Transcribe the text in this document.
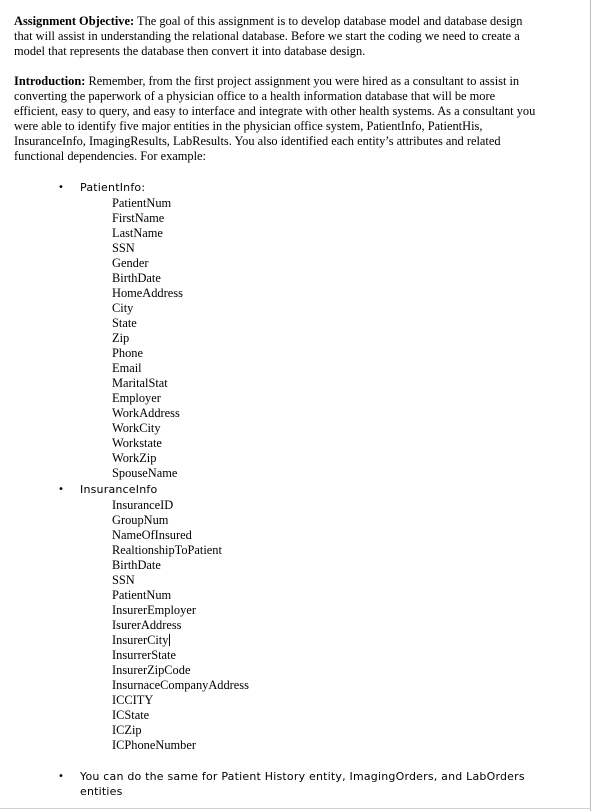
Assignment Objective: The goal of this assignment is to develop database model and database design that will assist in understanding the relational database. Before we start the coding we need to create a model that represents the database then convert it into database design.

Introduction: Remember, from the first project assignment you were hired as a consultant to assist in converting the paperwork of a physician office to a health information database that will be more efficient, easy to query, and easy to interface and integrate with other health systems. As a consultant you were able to identify five major entities in the physician office system, PatientInfo, PatientHis, InsuranceInfo, ImagingResults, LabResults. You also identified each entity’s attributes and related functional dependencies. For example:

•	PatientInfo:
PatientNum
FirstName
LastName
SSN
Gender
BirthDate
HomeAddress
City
State
Zip
Phone
Email
MaritalStat
Employer
WorkAddress
WorkCity
Workstate
WorkZip
SpouseName
•	InsuranceInfo
InsuranceID
GroupNum
NameOfInsured
RealtionshipToPatient
BirthDate
SSN
PatientNum
InsurerEmployer
IsurerAddress
InsurerCity
InsurrerState
InsurerZipCode
InsurnaceCompanyAddress
ICCITY
ICState
ICZip
ICPhoneNumber
•	You can do the same for Patient History entity, ImagingOrders, and LabOrders entities
